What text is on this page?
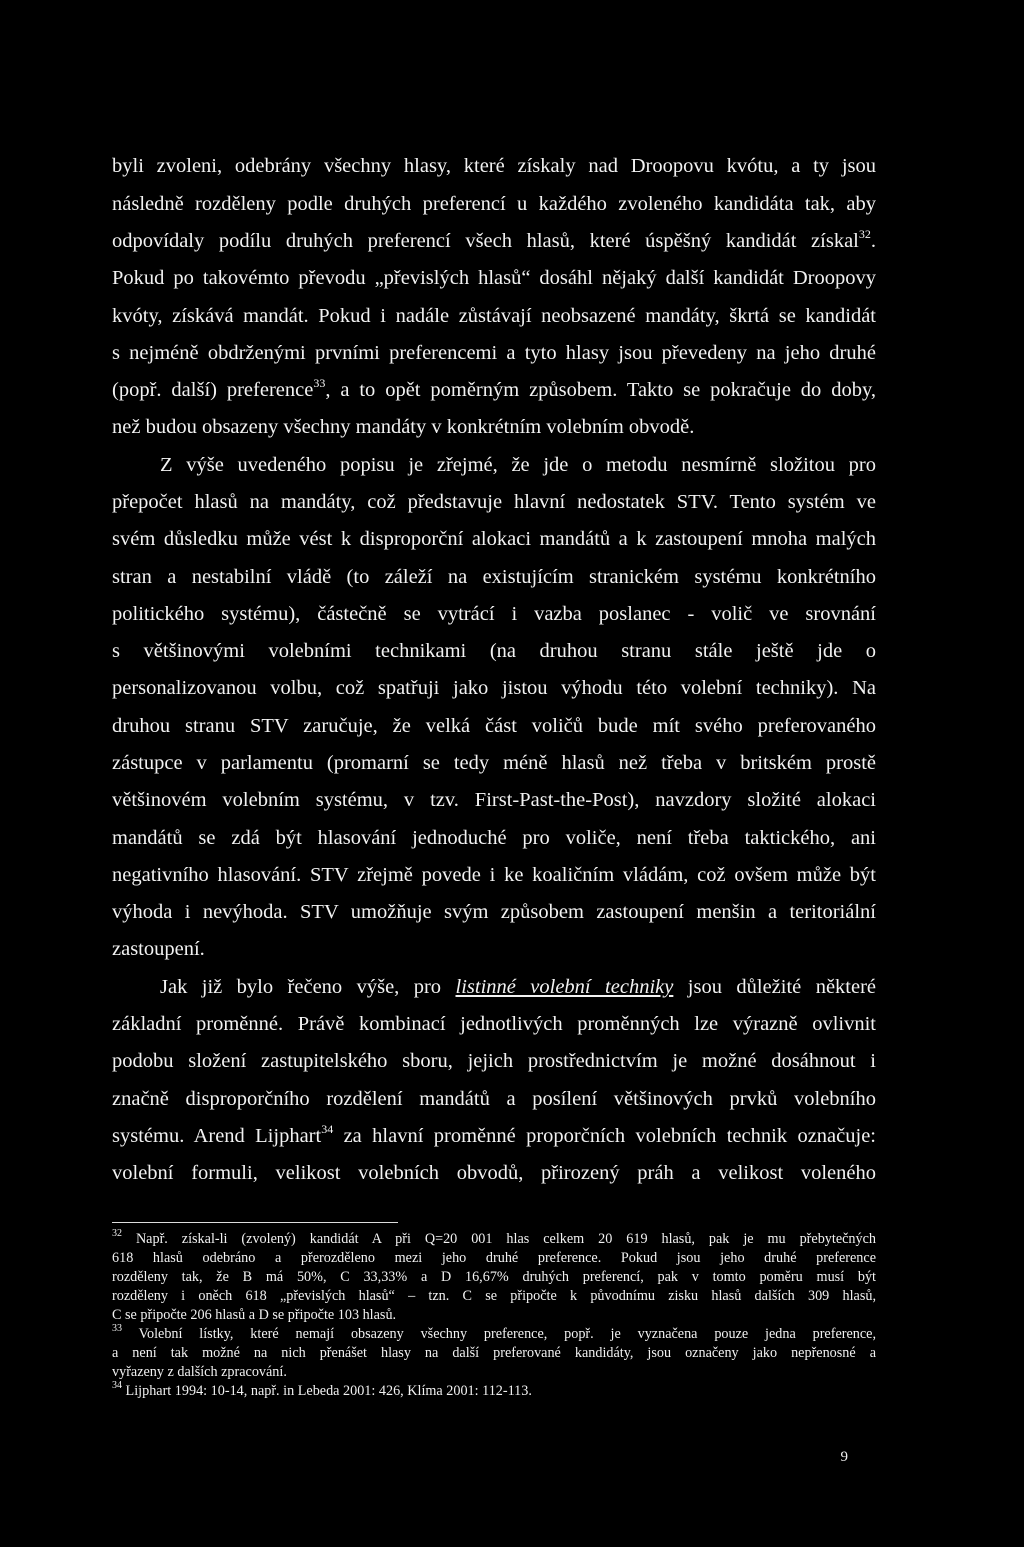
byli zvoleni, odebrány všechny hlasy, které získaly nad Droopovu kvótu, a ty jsou
následně rozděleny podle druhých preferencí u každého zvoleného kandidáta tak, aby
odpovídaly podílu druhých preferencí všech hlasů, které úspěšný kandidát získal$^{32}$.
Pokud po takovémto převodu „převislých hlasů“ dosáhl nějaký další kandidát Droopovy
kvóty, získává mandát. Pokud i nadále zůstávají neobsazené mandáty, škrtá se kandidát
s nejméně obdrženými prvními preferencemi a tyto hlasy jsou převedeny na jeho druhé
(popř. další) preference$^{33}$, a to opět poměrným způsobem. Takto se pokračuje do doby,
než budou obsazeny všechny mandáty v konkrétním volebním obvodě.
Z výše uvedeného popisu je zřejmé, že jde o metodu nesmírně složitou pro
přepočet hlasů na mandáty, což představuje hlavní nedostatek STV. Tento systém ve
svém důsledku může vést k disproporční alokaci mandátů a k zastoupení mnoha malých
stran a nestabilní vládě (to záleží na existujícím stranickém systému konkrétního
politického systému), částečně se vytrácí i vazba poslanec - volič ve srovnání
s většinovými volebními technikami (na druhou stranu stále ještě jde o
personalizovanou volbu, což spatřuji jako jistou výhodu této volební techniky). Na
druhou stranu STV zaručuje, že velká část voličů bude mít svého preferovaného
zástupce v parlamentu (promarní se tedy méně hlasů než třeba v britském prostě
většinovém volebním systému, v tzv. First-Past-the-Post), navzdory složité alokaci
mandátů se zdá být hlasování jednoduché pro voliče, není třeba taktického, ani
negativního hlasování. STV zřejmě povede i ke koaličním vládám, což ovšem může být
výhoda i nevýhoda. STV umožňuje svým způsobem zastoupení menšin a teritoriální
zastoupení.
Jak již bylo řečeno výše, pro listinné volební techniky jsou důležité některé
základní proměnné. Právě kombinací jednotlivých proměnných lze výrazně ovlivnit
podobu složení zastupitelského sboru, jejich prostřednictvím je možné dosáhnout i
značně disproporčního rozdělení mandátů a posílení většinových prvků volebního
systému. Arend Lijphart$^{34}$ za hlavní proměnné proporčních volebních technik označuje:
volební formuli, velikost volebních obvodů, přirozený práh a velikost voleného
$^{32}$ Např. získal-li (zvolený) kandidát A při Q=20 001 hlas celkem 20 619 hlasů, pak je mu přebytečných
618 hlasů odebráno a přerozděleno mezi jeho druhé preference. Pokud jsou jeho druhé preference
rozděleny tak, že B má 50%, C 33,33% a D 16,67% druhých preferencí, pak v tomto poměru musí být
rozděleny i oněch 618 „převislých hlasů“ – tzn. C se připočte k původnímu zisku hlasů dalších 309 hlasů,
C se připočte 206 hlasů a D se připočte 103 hlasů.
$^{33}$ Volební lístky, které nemají obsazeny všechny preference, popř. je vyznačena pouze jedna preference,
a není tak možné na nich přenášet hlasy na další preferované kandidáty, jsou označeny jako nepřenosné a
vyřazeny z dalších zpracování.
$^{34}$ Lijphart 1994: 10-14, např. in Lebeda 2001: 426, Klíma 2001: 112-113.
9
